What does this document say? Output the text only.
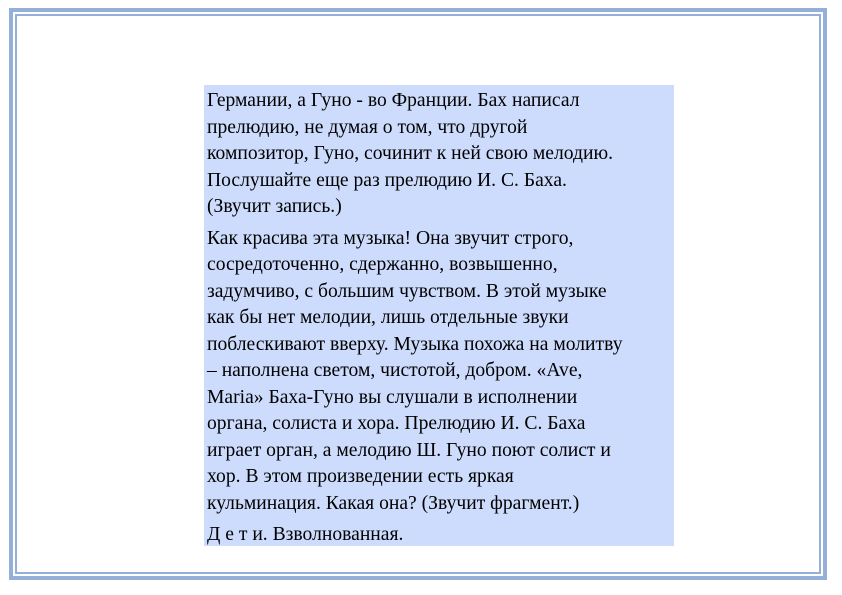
Германии, а Гуно - во Франции. Бах написал
прелюдию, не думая о том, что другой
композитор, Гуно, сочинит к ней свою мелодию.
Послушайте еще раз прелюдию И. С. Баха.
(Звучит запись.)

Как красива эта музыка! Она звучит строго,
сосредоточенно, сдержанно, возвышенно,
задумчиво, с большим чувством. В этой музыке
как бы нет мелодии, лишь отдельные звуки
поблескивают вверху. Музыка похожа на молитву
– наполнена светом, чистотой, добром. «Ave,
Maria» Баха-Гуно вы слушали в исполнении
органа, солиста и хора. Прелюдию И. С. Баха
играет орган, а мелодию Ш. Гуно поют солист и
хор. В этом произведении есть яркая
кульминация. Какая она? (Звучит фрагмент.)

Д е т и. Взволнованная.
